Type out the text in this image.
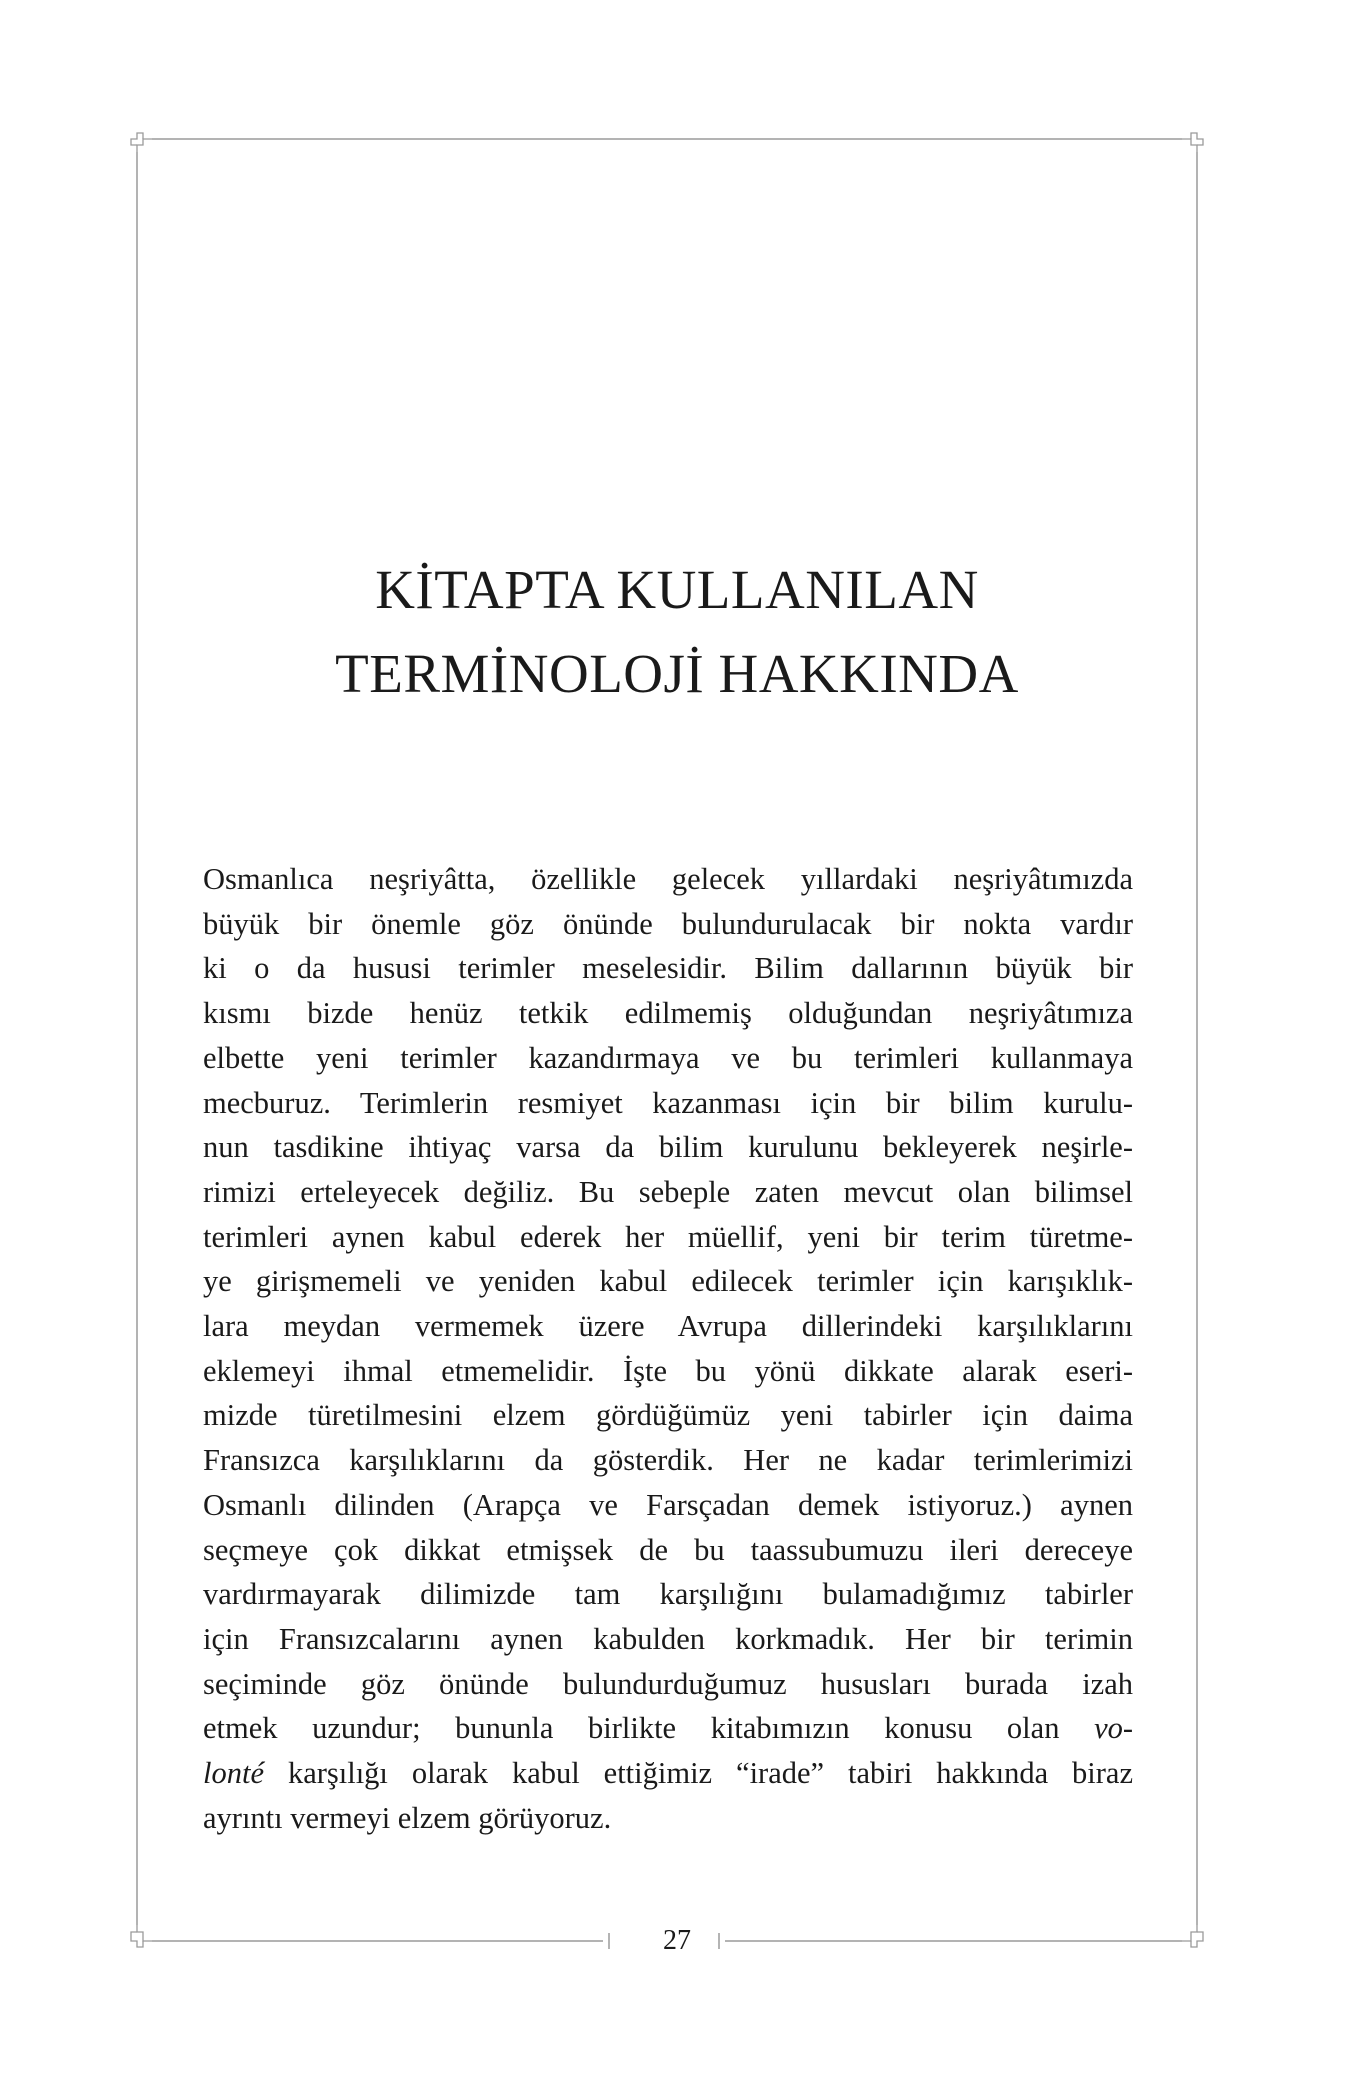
KİTAPTA KULLANILAN
TERMİNOLOJİ HAKKINDA
Osmanlıca neşriyâtta, özellikle gelecek yıllardaki neşriyâtımızda
büyük bir önemle göz önünde bulundurulacak bir nokta vardır
ki o da hususi terimler meselesidir. Bilim dallarının büyük bir
kısmı bizde henüz tetkik edilmemiş olduğundan neşriyâtımıza
elbette yeni terimler kazandırmaya ve bu terimleri kullanmaya
mecburuz. Terimlerin resmiyet kazanması için bir bilim kurulu-
nun tasdikine ihtiyaç varsa da bilim kurulunu bekleyerek neşirle-
rimizi erteleyecek değiliz. Bu sebeple zaten mevcut olan bilimsel
terimleri aynen kabul ederek her müellif, yeni bir terim türetme-
ye girişmemeli ve yeniden kabul edilecek terimler için karışıklık-
lara meydan vermemek üzere Avrupa dillerindeki karşılıklarını
eklemeyi ihmal etmemelidir. İşte bu yönü dikkate alarak eseri-
mizde türetilmesini elzem gördüğümüz yeni tabirler için daima
Fransızca karşılıklarını da gösterdik. Her ne kadar terimlerimizi
Osmanlı dilinden (Arapça ve Farsçadan demek istiyoruz.) aynen
seçmeye çok dikkat etmişsek de bu taassubumuzu ileri dereceye
vardırmayarak dilimizde tam karşılığını bulamadığımız tabirler
için Fransızcalarını aynen kabulden korkmadık. Her bir terimin
seçiminde göz önünde bulundurduğumuz hususları burada izah
etmek uzundur; bununla birlikte kitabımızın konusu olan vo-
lonté karşılığı olarak kabul ettiğimiz “irade” tabiri hakkında biraz
ayrıntı vermeyi elzem görüyoruz.
27
